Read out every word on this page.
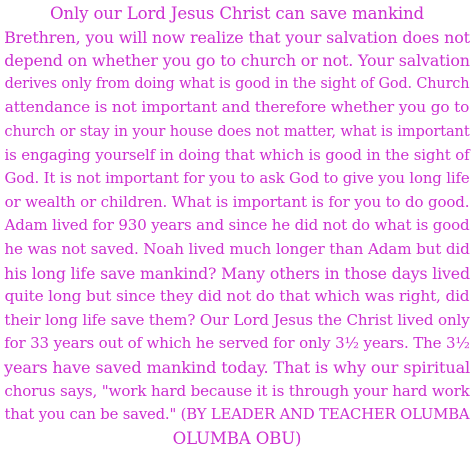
Only our Lord Jesus Christ can save mankind
Brethren, you will now realize that your salvation does not
depend on whether you go to church or not. Your salvation
derives only from doing what is good in the sight of God. Church
attendance is not important and therefore whether you go to
church or stay in your house does not matter, what is important
is engaging yourself in doing that which is good in the sight of
God. It is not important for you to ask God to give you long life
or wealth or children. What is important is for you to do good.
Adam lived for 930 years and since he did not do what is good
he was not saved. Noah lived much longer than Adam but did
his long life save mankind? Many others in those days lived
quite long but since they did not do that which was right, did
their long life save them? Our Lord Jesus the Christ lived only
for 33 years out of which he served for only 3½ years. The 3½
years have saved mankind today. That is why our spiritual
chorus says, "work hard because it is through your hard work
that you can be saved." (BY LEADER AND TEACHER OLUMBA
OLUMBA OBU)
